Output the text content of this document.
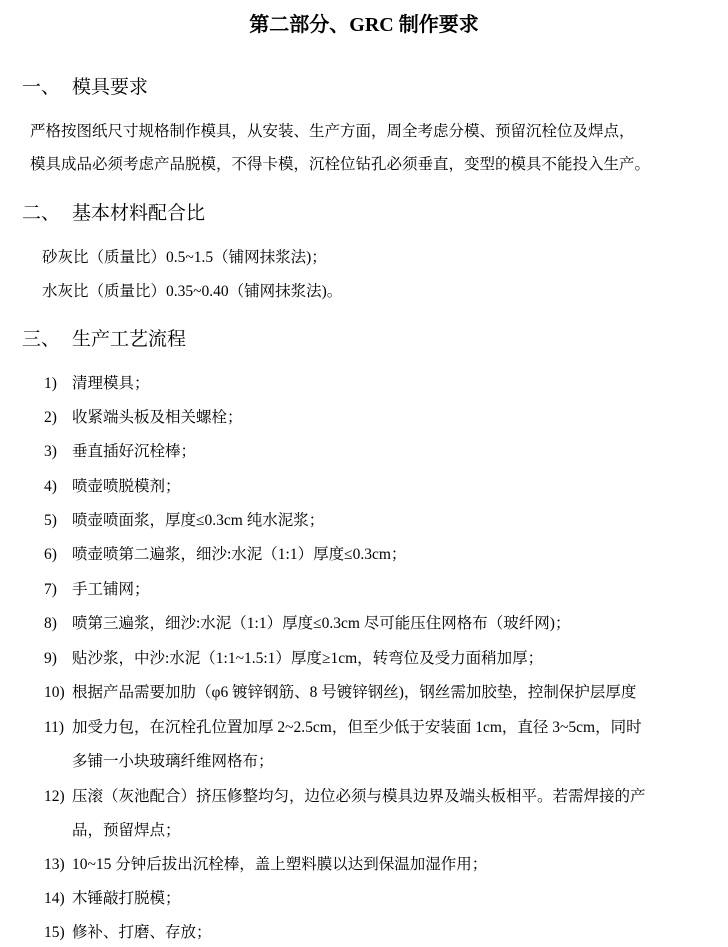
第二部分、GRC 制作要求
一、 模具要求
严格按图纸尺寸规格制作模具，从安装、生产方面，周全考虑分模、预留沉栓位及焊点，
模具成品必须考虑产品脱模，不得卡模，沉栓位钻孔必须垂直，变型的模具不能投入生产。
二、 基本材料配合比
砂灰比（质量比）0.5~1.5（铺网抹浆法)；
水灰比（质量比）0.35~0.40（铺网抹浆法)。
三、 生产工艺流程
1) 清理模具；
2) 收紧端头板及相关螺栓；
3) 垂直插好沉栓棒；
4) 喷壶喷脱模剂；
5) 喷壶喷面浆，厚度≤0.3cm 纯水泥浆；
6) 喷壶喷第二遍浆，细沙:水泥（1:1）厚度≤0.3cm；
7) 手工铺网；
8) 喷第三遍浆，细沙:水泥（1:1）厚度≤0.3cm 尽可能压住网格布（玻纤网)；
9) 贴沙浆，中沙:水泥（1:1~1.5:1）厚度≥1cm，转弯位及受力面稍加厚；
10) 根据产品需要加肋（φ6 镀锌钢筋、8 号镀锌钢丝)，钢丝需加胶垫，控制保护层厚度
11) 加受力包，在沉栓孔位置加厚 2~2.5cm，但至少低于安装面 1cm，直径 3~5cm，同时
多铺一小块玻璃纤维网格布；
12) 压滚（灰池配合）挤压修整均匀，边位必须与模具边界及端头板相平。若需焊接的产
品，预留焊点；
13) 10~15 分钟后拔出沉栓棒，盖上塑料膜以达到保温加湿作用；
14) 木锤敲打脱模；
15) 修补、打磨、存放；
